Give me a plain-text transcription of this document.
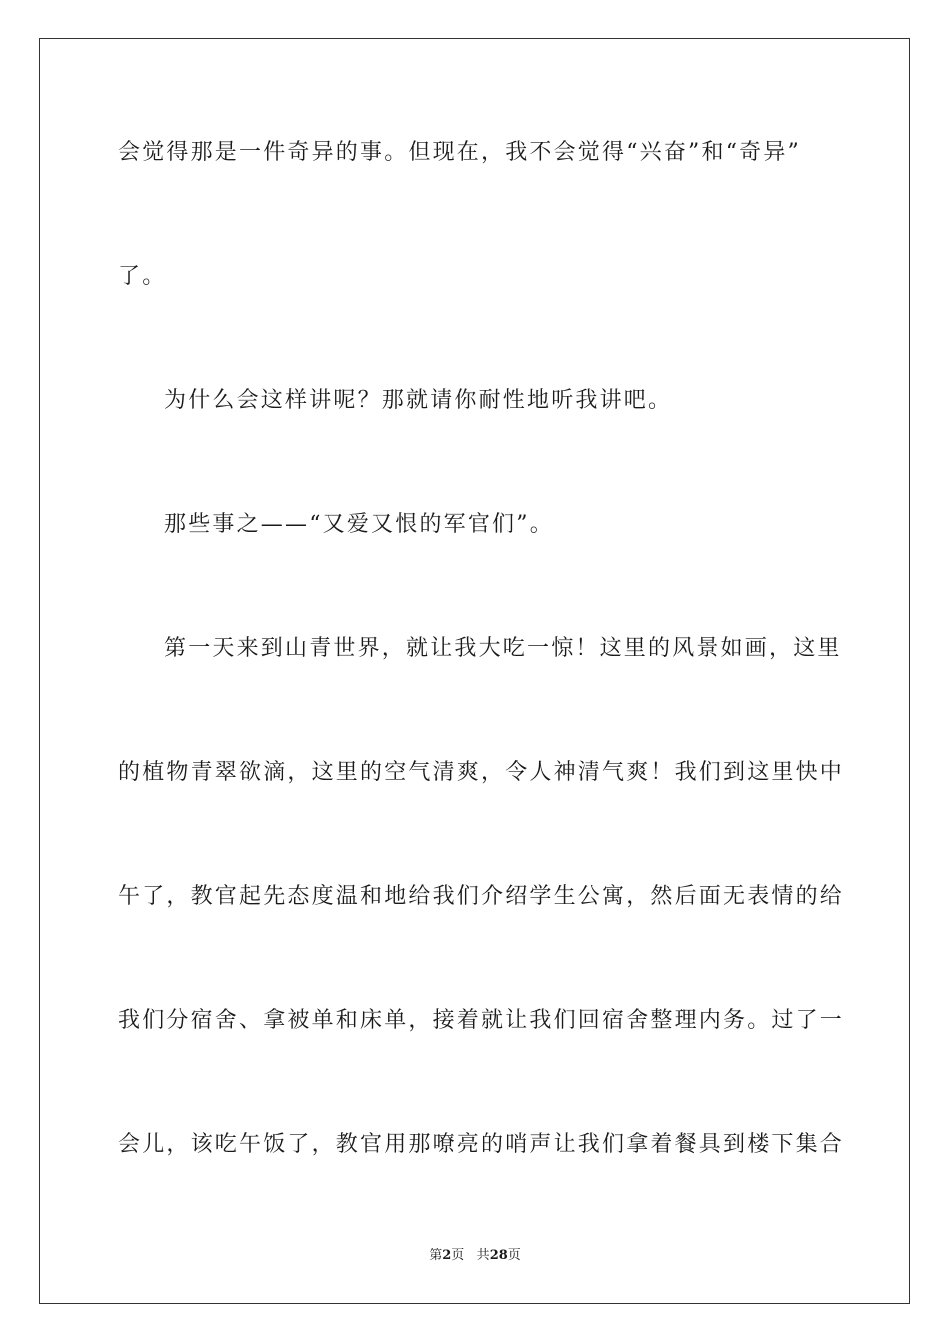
会觉得那是一件奇异的事。但现在，我不会觉得“兴奋”和“奇异”
了。
为什么会这样讲呢？那就请你耐性地听我讲吧。
那些事之——“又爱又恨的军官们”。
第一天来到山青世界，就让我大吃一惊！这里的风景如画，这里
的植物青翠欲滴，这里的空气清爽，令人神清气爽！我们到这里快中
午了，教官起先态度温和地给我们介绍学生公寓，然后面无表情的给
我们分宿舍、拿被单和床单，接着就让我们回宿舍整理内务。过了一
会儿，该吃午饭了，教官用那嘹亮的哨声让我们拿着餐具到楼下集合
第2页 共28页
